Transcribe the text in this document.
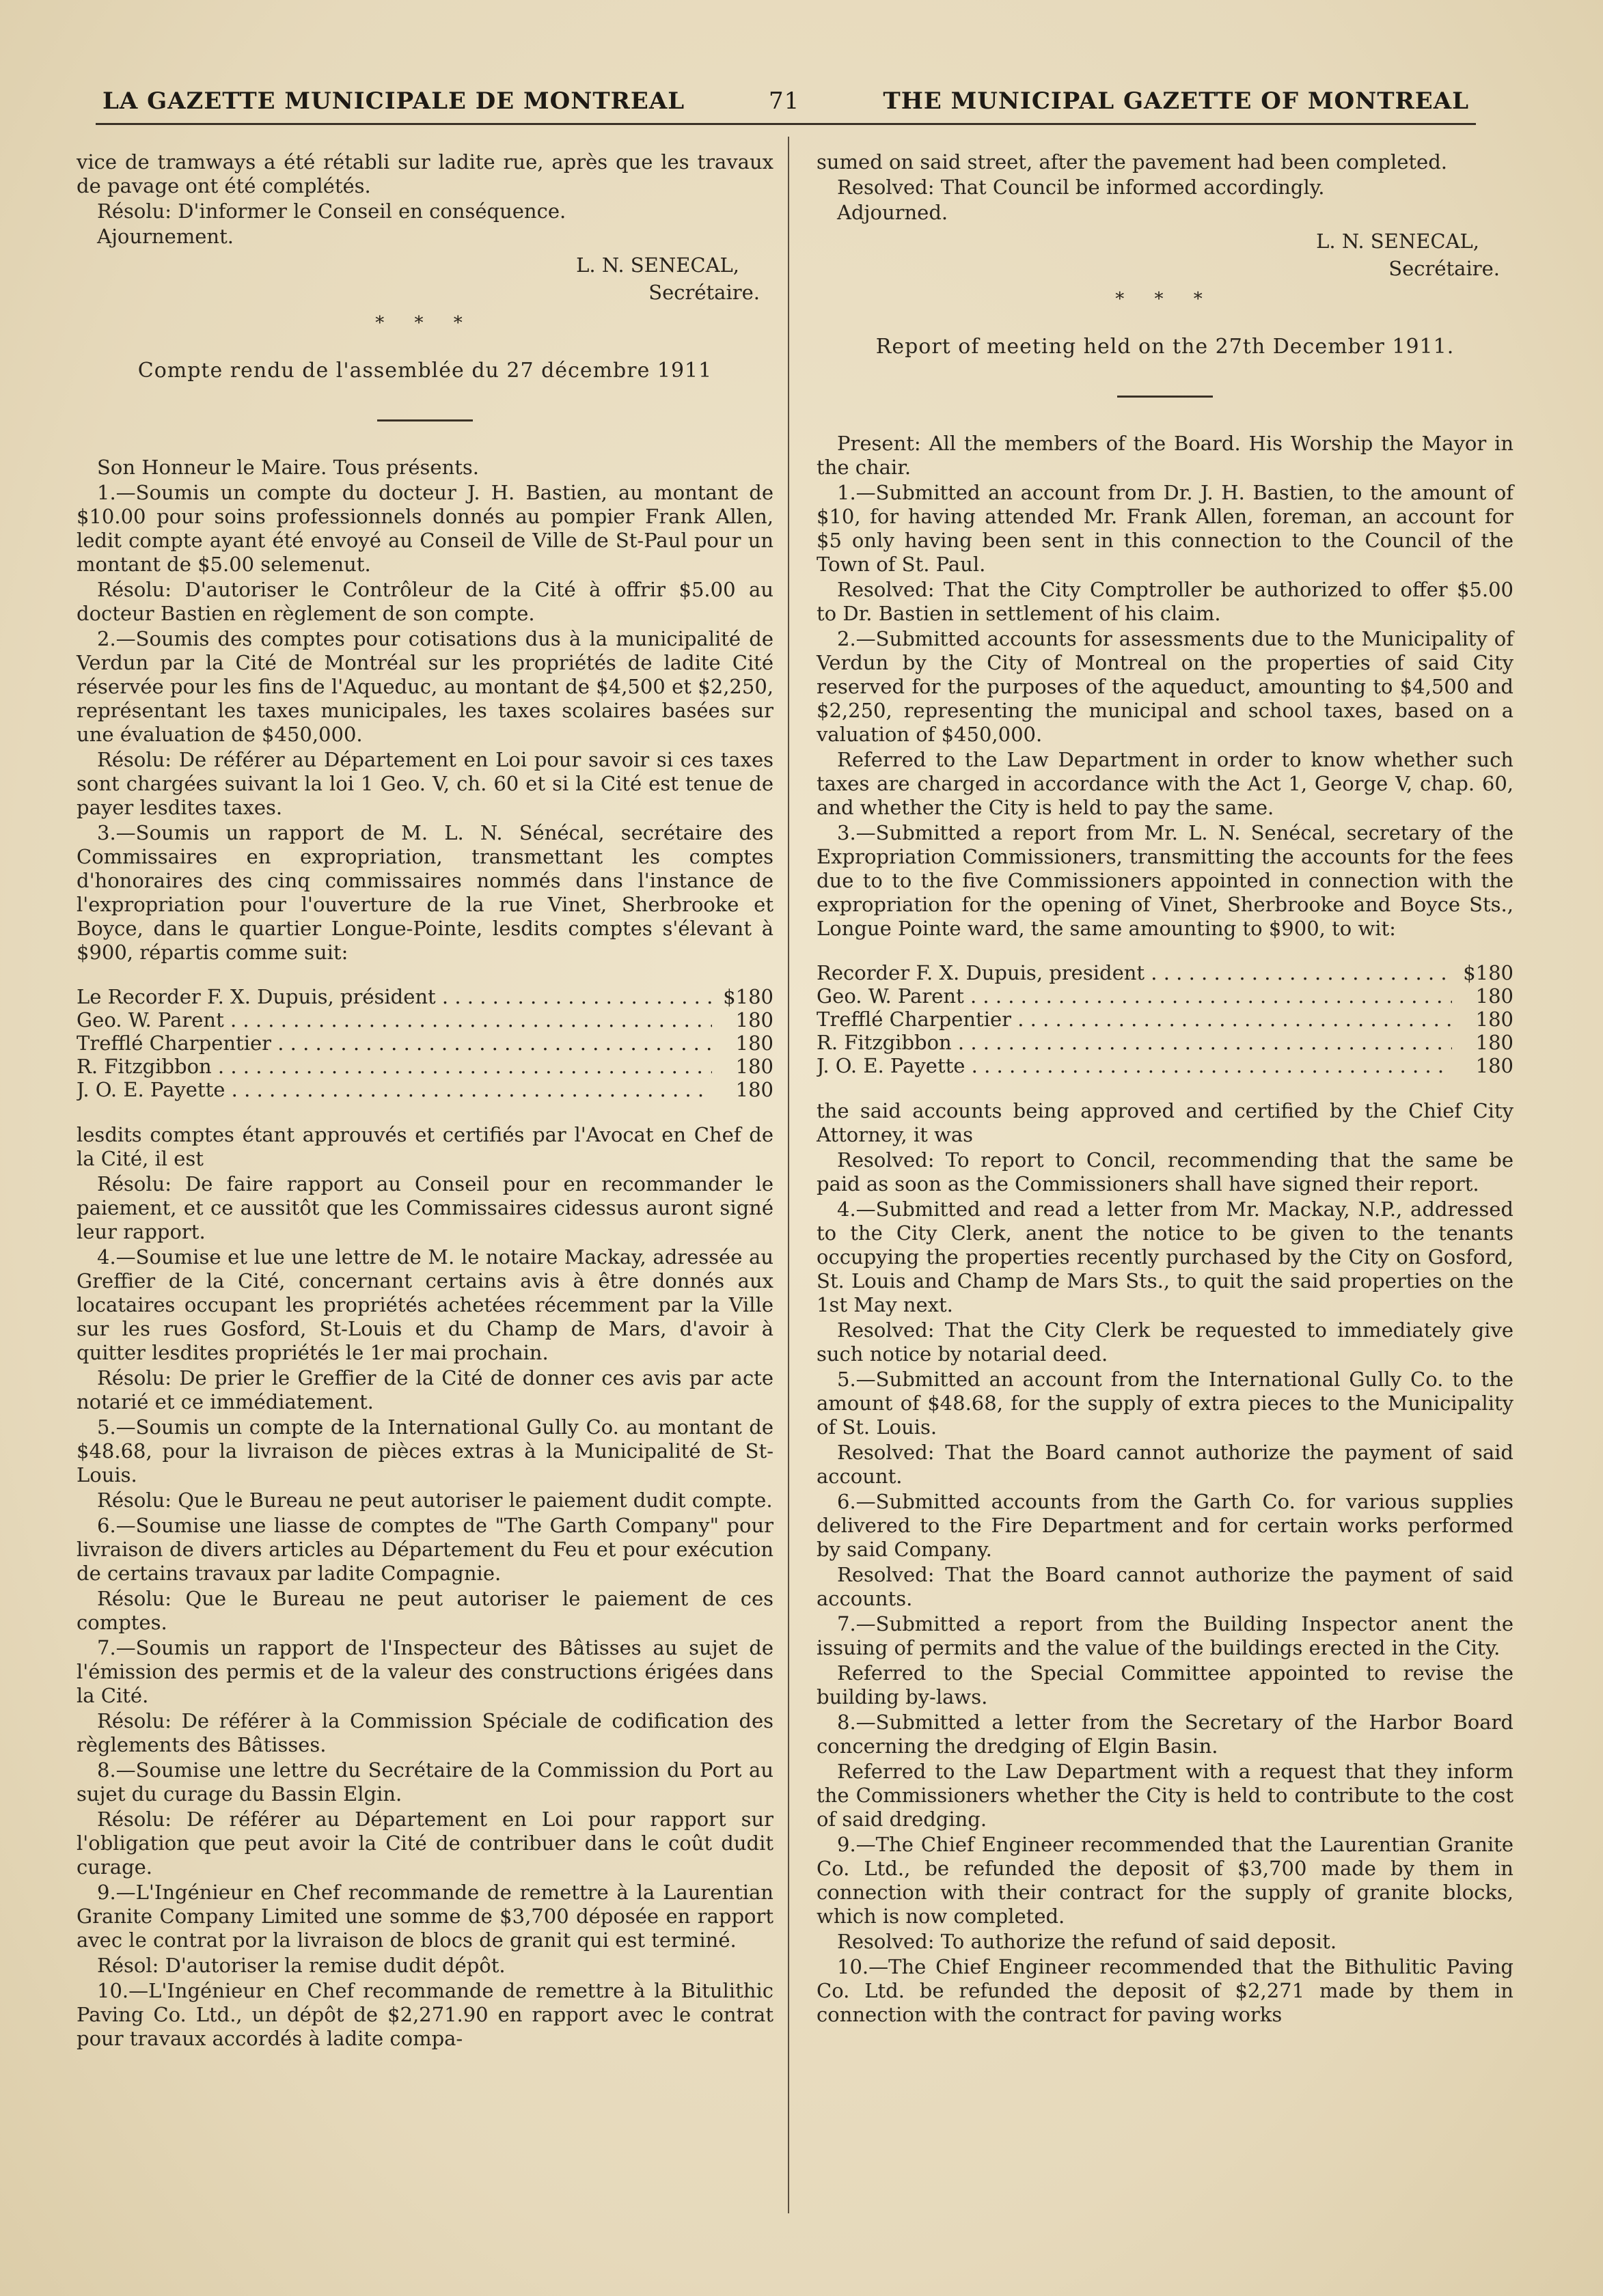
LA GAZETTE MUNICIPALE DE MONTREAL	71	THE MUNICIPAL GAZETTE OF MONTREAL

vice de tramways a été rétabli sur ladite rue, après que les travaux de pavage ont été complétés.

Résolu: D'informer le Conseil en conséquence.

Ajournement.

L. N. SENECAL,
Secrétaire.
* * *
Compte rendu de l'assemblée du 27 décembre 1911

Son Honneur le Maire. Tous présents.

1.—Soumis un compte du docteur J. H. Bastien, au montant de $10.00 pour soins professionnels donnés au pompier Frank Allen, ledit compte ayant été envoyé au Conseil de Ville de St-Paul pour un montant de $5.00 selemenut.

Résolu: D'autoriser le Contrôleur de la Cité à offrir $5.00 au docteur Bastien en règlement de son compte.

2.—Soumis des comptes pour cotisations dus à la municipalité de Verdun par la Cité de Montréal sur les propriétés de ladite Cité réservée pour les fins de l'Aqueduc, au montant de $4,500 et $2,250, représentant les taxes municipales, les taxes scolaires basées sur une évaluation de $450,000.

Résolu: De référer au Département en Loi pour savoir si ces taxes sont chargées suivant la loi 1 Geo. V, ch. 60 et si la Cité est tenue de payer lesdites taxes.

3.—Soumis un rapport de M. L. N. Sénécal, secrétaire des Commissaires en expropriation, transmettant les comptes d'honoraires des cinq commissaires nommés dans l'instance de l'expropriation pour l'ouverture de la rue Vinet, Sherbrooke et Boyce, dans le quartier Longue-Pointe, lesdits comptes s'élevant à $900, répartis comme suit:

Le Recorder F. X. Dupuis, président . . .	$180
Geo. W. Parent . . .	180
Trefflé Charpentier . . .	180
R. Fitzgibbon . . .	180
J. O. E. Payette . . .	180

lesdits comptes étant approuvés et certifiés par l'Avocat en Chef de la Cité, il est

Résolu: De faire rapport au Conseil pour en recommander le paiement, et ce aussitôt que les Commissaires cidessus auront signé leur rapport.

4.—Soumise et lue une lettre de M. le notaire Mackay, adressée au Greffier de la Cité, concernant certains avis à être donnés aux locataires occupant les propriétés achetées récemment par la Ville sur les rues Gosford, St-Louis et du Champ de Mars, d'avoir à quitter lesdites propriétés le 1er mai prochain.

Résolu: De prier le Greffier de la Cité de donner ces avis par acte notarié et ce immédiatement.

5.—Soumis un compte de la International Gully Co. au montant de $48.68, pour la livraison de pièces extras à la Municipalité de St-Louis.

Résolu: Que le Bureau ne peut autoriser le paiement dudit compte.

6.—Soumise une liasse de comptes de "The Garth Company" pour livraison de divers articles au Département du Feu et pour exécution de certains travaux par ladite Compagnie.

Résolu: Que le Bureau ne peut autoriser le paiement de ces comptes.

7.—Soumis un rapport de l'Inspecteur des Bâtisses au sujet de l'émission des permis et de la valeur des constructions érigées dans la Cité.

Résolu: De référer à la Commission Spéciale de codification des règlements des Bâtisses.

8.—Soumise une lettre du Secrétaire de la Commission du Port au sujet du curage du Bassin Elgin.

Résolu: De référer au Département en Loi pour rapport sur l'obligation que peut avoir la Cité de contribuer dans le coût dudit curage.

9.—L'Ingénieur en Chef recommande de remettre à la Laurentian Granite Company Limited une somme de $3,700 déposée en rapport avec le contrat por la livraison de blocs de granit qui est terminé.

Résol: D'autoriser la remise dudit dépôt.

10.—L'Ingénieur en Chef recommande de remettre à la Bitulithic Paving Co. Ltd., un dépôt de $2,271.90 en rapport avec le contrat pour travaux accordés à ladite compa-

sumed on said street, after the pavement had been completed.

Resolved: That Council be informed accordingly.

Adjourned.

L. N. SENECAL,
Secrétaire.
* * *
Report of meeting held on the 27th December 1911.

Present: All the members of the Board. His Worship the Mayor in the chair.

1.—Submitted an account from Dr. J. H. Bastien, to the amount of $10, for having attended Mr. Frank Allen, foreman, an account for $5 only having been sent in this connection to the Council of the Town of St. Paul.

Resolved: That the City Comptroller be authorized to offer $5.00 to Dr. Bastien in settlement of his claim.

2.—Submitted accounts for assessments due to the Municipality of Verdun by the City of Montreal on the properties of said City reserved for the purposes of the aqueduct, amounting to $4,500 and $2,250, representing the municipal and school taxes, based on a valuation of $450,000.

Referred to the Law Department in order to know whether such taxes are charged in accordance with the Act 1, George V, chap. 60, and whether the City is held to pay the same.

3.—Submitted a report from Mr. L. N. Senécal, secretary of the Expropriation Commissioners, transmitting the accounts for the fees due to to the five Commissioners appointed in connection with the expropriation for the opening of Vinet, Sherbrooke and Boyce Sts., Longue Pointe ward, the same amounting to $900, to wit:

Recorder F. X. Dupuis, president . . .	$180
Geo. W. Parent . . .	180
Trefflé Charpentier . . .	180
R. Fitzgibbon . . .	180
J. O. E. Payette . . .	180

the said accounts being approved and certified by the Chief City Attorney, it was

Resolved: To report to Concil, recommending that the same be paid as soon as the Commissioners shall have signed their report.

4.—Submitted and read a letter from Mr. Mackay, N.P., addressed to the City Clerk, anent the notice to be given to the tenants occupying the properties recently purchased by the City on Gosford, St. Louis and Champ de Mars Sts., to quit the said properties on the 1st May next.

Resolved: That the City Clerk be requested to immediately give such notice by notarial deed.

5.—Submitted an account from the International Gully Co. to the amount of $48.68, for the supply of extra pieces to the Municipality of St. Louis.

Resolved: That the Board cannot authorize the payment of said account.

6.—Submitted accounts from the Garth Co. for various supplies delivered to the Fire Department and for certain works performed by said Company.

Resolved: That the Board cannot authorize the payment of said accounts.

7.—Submitted a report from the Building Inspector anent the issuing of permits and the value of the buildings erected in the City.

Referred to the Special Committee appointed to revise the building by-laws.

8.—Submitted a letter from the Secretary of the Harbor Board concerning the dredging of Elgin Basin.

Referred to the Law Department with a request that they inform the Commissioners whether the City is held to contribute to the cost of said dredging.

9.—The Chief Engineer recommended that the Laurentian Granite Co. Ltd., be refunded the deposit of $3,700 made by them in connection with their contract for the supply of granite blocks, which is now completed.

Resolved: To authorize the refund of said deposit.

10.—The Chief Engineer recommended that the Bithulitic Paving Co. Ltd. be refunded the deposit of $2,271 made by them in connection with the contract for paving works
